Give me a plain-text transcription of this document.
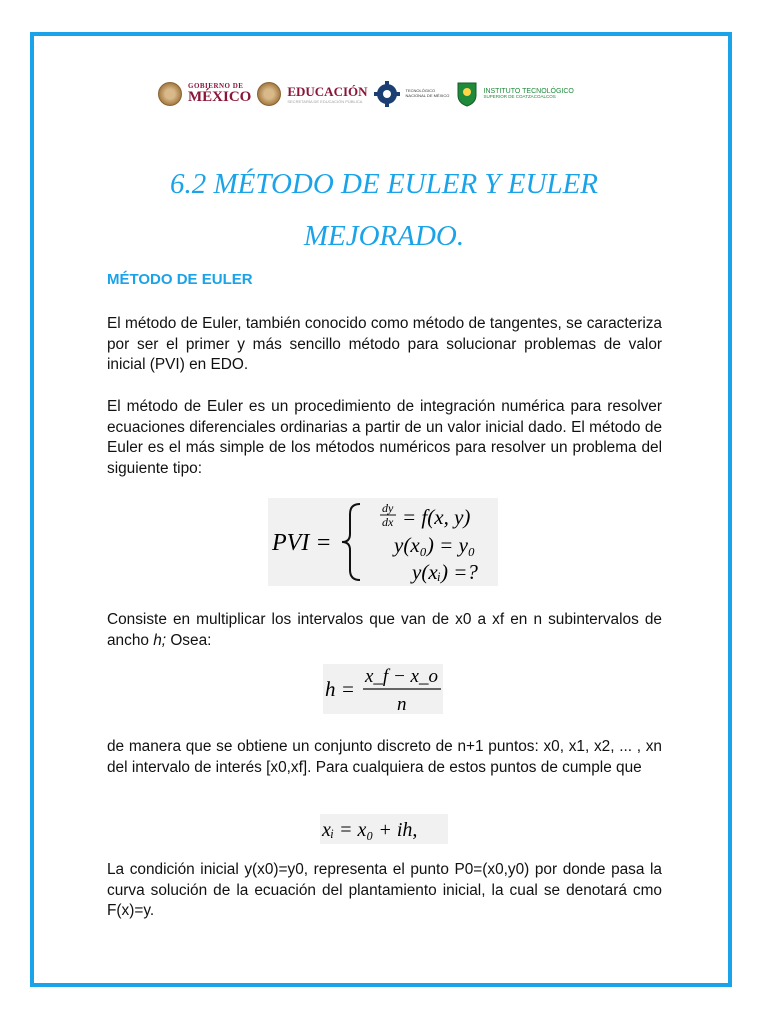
GOBIERNO DE
MÉXICO	EDUCACIÓN
SECRETARÍA DE EDUCACIÓN PÚBLICA
TECNOLÓGICO NACIONAL DE MÉXICO
INSTITUTO TECNOLÓGICO
SUPERIOR DE COATZACOALCOS
6.2 MÉTODO DE EULER Y EULER
MEJORADO.
MÉTODO DE EULER

El método de Euler, también conocido como método de tangentes, se caracteriza por ser el primer y más sencillo método para solucionar problemas de valor inicial (PVI) en EDO.

El método de Euler es un procedimiento de integración numérica para resolver ecuaciones diferenciales ordinarias a partir de un valor inicial dado. El método de Euler es el más simple de los métodos numéricos para resolver un problema del siguiente tipo:

PVI =
dy
dx = f(x, y)
y(x₀) = y₀
y(xᵢ) =?

Consiste en multiplicar los intervalos que van de x0 a xf en n subintervalos de ancho h; Osea:

h =
x_f − x_o
n

de manera que se obtiene un conjunto discreto de n+1 puntos: x0, x1, x2, ... , xn del intervalo de interés [x0,xf]. Para cualquiera de estos puntos de cumple que

xᵢ = x₀ + ih,

La condición inicial y(x0)=y0, representa el punto P0=(x0,y0) por donde pasa la curva solución de la ecuación del plantamiento inicial, la cual se denotará cmo F(x)=y.
